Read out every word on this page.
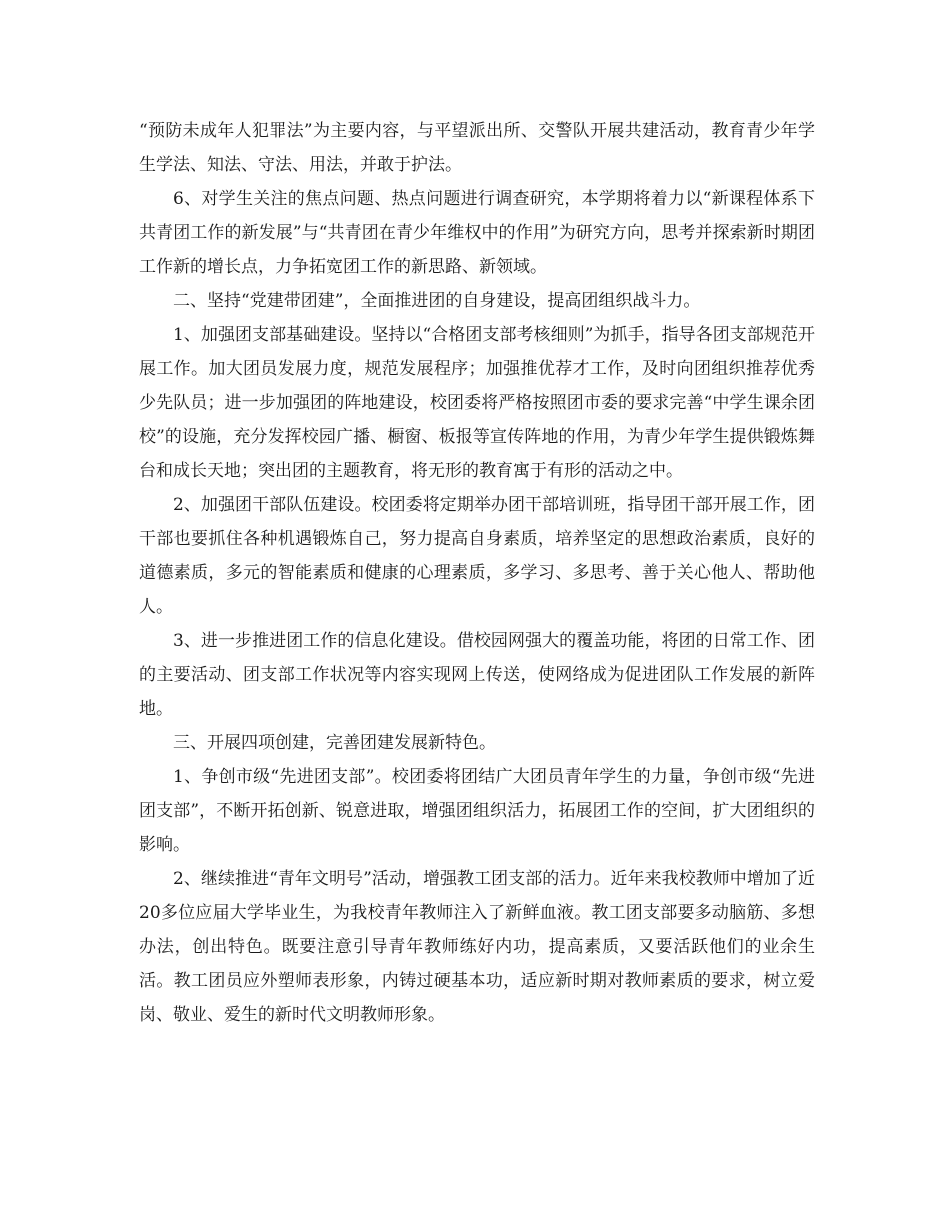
“预防未成年人犯罪法”为主要内容，与平望派出所、交警队开展共建活动，教育青少年学生学法、知法、守法、用法，并敢于护法。

6、对学生关注的焦点问题、热点问题进行调查研究，本学期将着力以“新课程体系下共青团工作的新发展”与“共青团在青少年维权中的作用”为研究方向，思考并探索新时期团工作新的增长点，力争拓宽团工作的新思路、新领域。

二、坚持“党建带团建”，全面推进团的自身建设，提高团组织战斗力。

1、加强团支部基础建设。坚持以“合格团支部考核细则”为抓手，指导各团支部规范开展工作。加大团员发展力度，规范发展程序；加强推优荐才工作，及时向团组织推荐优秀少先队员；进一步加强团的阵地建设，校团委将严格按照团市委的要求完善“中学生课余团校”的设施，充分发挥校园广播、橱窗、板报等宣传阵地的作用，为青少年学生提供锻炼舞台和成长天地；突出团的主题教育，将无形的教育寓于有形的活动之中。

2、加强团干部队伍建设。校团委将定期举办团干部培训班，指导团干部开展工作，团干部也要抓住各种机遇锻炼自己，努力提高自身素质，培养坚定的思想政治素质，良好的道德素质，多元的智能素质和健康的心理素质，多学习、多思考、善于关心他人、帮助他人。

3、进一步推进团工作的信息化建设。借校园网强大的覆盖功能，将团的日常工作、团的主要活动、团支部工作状况等内容实现网上传送，使网络成为促进团队工作发展的新阵地。

三、开展四项创建，完善团建发展新特色。

1、争创市级“先进团支部”。校团委将团结广大团员青年学生的力量，争创市级“先进团支部”，不断开拓创新、锐意进取，增强团组织活力，拓展团工作的空间，扩大团组织的影响。

2、继续推进“青年文明号”活动，增强教工团支部的活力。近年来我校教师中增加了近20多位应届大学毕业生，为我校青年教师注入了新鲜血液。教工团支部要多动脑筋、多想办法，创出特色。既要注意引导青年教师练好内功，提高素质，又要活跃他们的业余生活。教工团员应外塑师表形象，内铸过硬基本功，适应新时期对教师素质的要求，树立爱岗、敬业、爱生的新时代文明教师形象。
